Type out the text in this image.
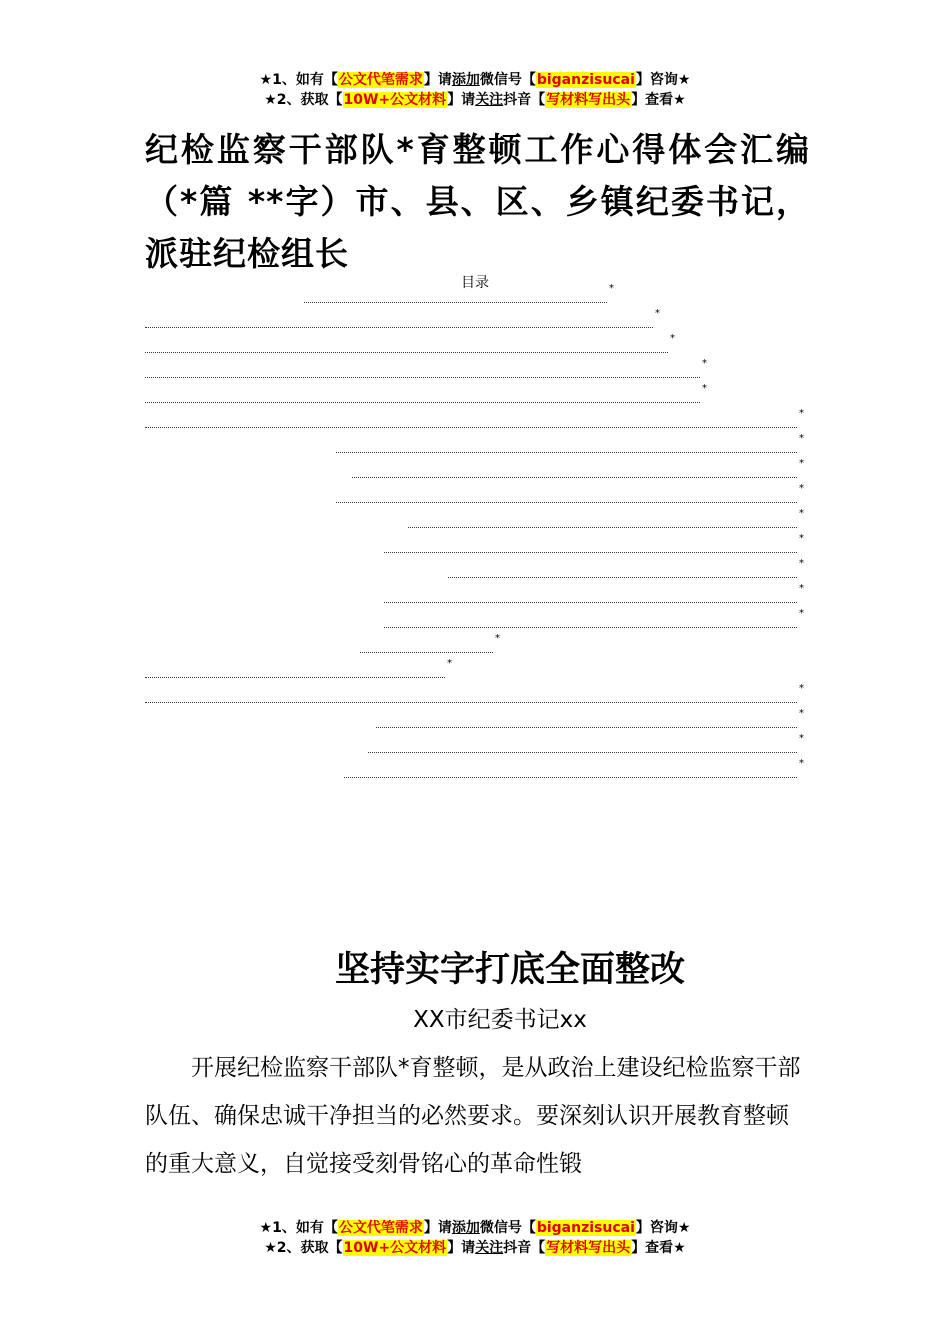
★1、如有【公文代笔需求】请添加微信号【biganzisucai】咨询★
★2、获取【10W+公文材料】请关注抖音【写材料写出头】查看★
纪检监察干部队*育整顿工作心得体会汇编（*篇 **字）市、县、区、乡镇纪委书记，派驻纪检组长
目录	*
*
*
*
*
*
*
*
*
*
*
*
*
*
*
*
*
*
*
*
坚持实字打底全面整改
XX市纪委书记xx
开展纪检监察干部队*育整顿，是从政治上建设纪检监察干部队伍、确保忠诚干净担当的必然要求。要深刻认识开展教育整顿的重大意义，自觉接受刻骨铭心的革命性锻
★1、如有【公文代笔需求】请添加微信号【biganzisucai】咨询★
★2、获取【10W+公文材料】请关注抖音【写材料写出头】查看★
